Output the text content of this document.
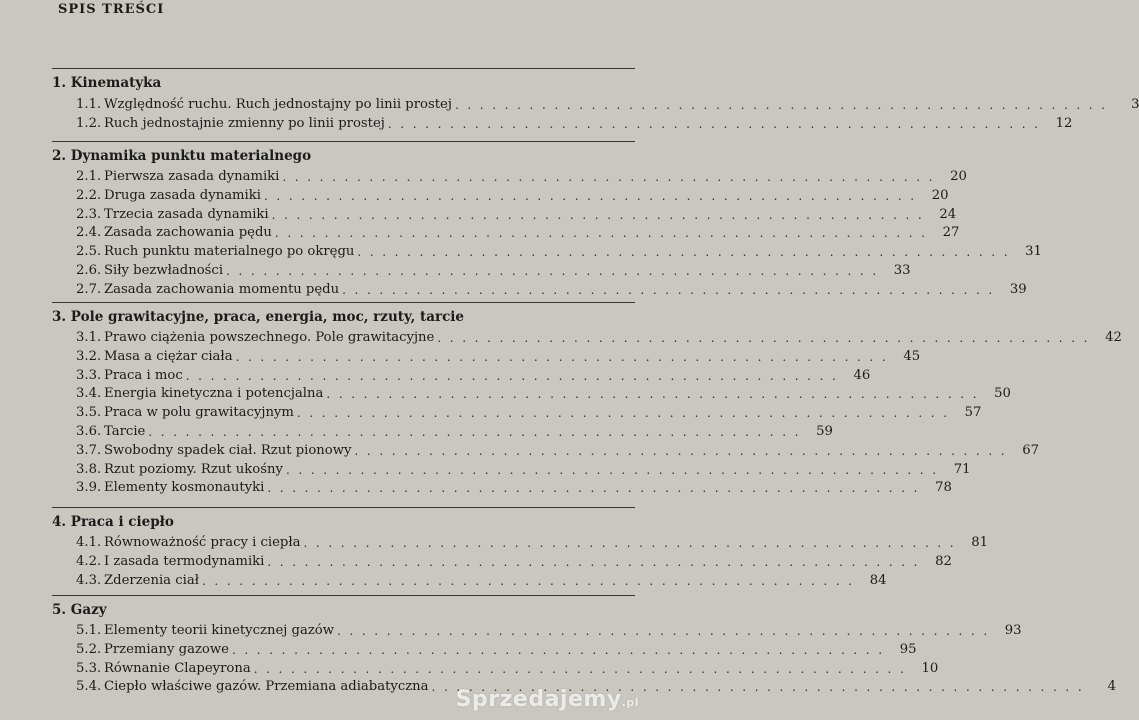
SPIS TREŚCI
1. Kinematyka
1.1. Względność ruchu. Ruch jednostajny po linii prostej . . . . . . . . . . . . . . . . . . . . . . . . . . . . . . . . . . . . . . . . . . . . . . . . . . . . .	3
1.2. Ruch jednostajnie zmienny po linii prostej . . . . . . . . . . . . . . . . . . . . . . . . . . . . . . . . . . . . . . . . . . . . . . . . . . . . .	12
2. Dynamika punktu materialnego
2.1. Pierwsza zasada dynamiki . . . . . . . . . . . . . . . . . . . . . . . . . . . . . . . . . . . . . . . . . . . . . . . . . . . . .	20
2.2. Druga zasada dynamiki . . . . . . . . . . . . . . . . . . . . . . . . . . . . . . . . . . . . . . . . . . . . . . . . . . . . .	20
2.3. Trzecia zasada dynamiki . . . . . . . . . . . . . . . . . . . . . . . . . . . . . . . . . . . . . . . . . . . . . . . . . . . . .	24
2.4. Zasada zachowania pędu . . . . . . . . . . . . . . . . . . . . . . . . . . . . . . . . . . . . . . . . . . . . . . . . . . . . .	27
2.5. Ruch punktu materialnego po okręgu . . . . . . . . . . . . . . . . . . . . . . . . . . . . . . . . . . . . . . . . . . . . . . . . . . . . .	31
2.6. Siły bezwładności . . . . . . . . . . . . . . . . . . . . . . . . . . . . . . . . . . . . . . . . . . . . . . . . . . . . .	33
2.7. Zasada zachowania momentu pędu . . . . . . . . . . . . . . . . . . . . . . . . . . . . . . . . . . . . . . . . . . . . . . . . . . . . .	39
3. Pole grawitacyjne, praca, energia, moc, rzuty, tarcie
3.1. Prawo ciążenia powszechnego. Pole grawitacyjne . . . . . . . . . . . . . . . . . . . . . . . . . . . . . . . . . . . . . . . . . . . . . . . . . . . . .	42
3.2. Masa a ciężar ciała . . . . . . . . . . . . . . . . . . . . . . . . . . . . . . . . . . . . . . . . . . . . . . . . . . . . .	45
3.3. Praca i moc . . . . . . . . . . . . . . . . . . . . . . . . . . . . . . . . . . . . . . . . . . . . . . . . . . . . .	46
3.4. Energia kinetyczna i potencjalna . . . . . . . . . . . . . . . . . . . . . . . . . . . . . . . . . . . . . . . . . . . . . . . . . . . . .	50
3.5. Praca w polu grawitacyjnym . . . . . . . . . . . . . . . . . . . . . . . . . . . . . . . . . . . . . . . . . . . . . . . . . . . . .	57
3.6. Tarcie . . . . . . . . . . . . . . . . . . . . . . . . . . . . . . . . . . . . . . . . . . . . . . . . . . . . .	59
3.7. Swobodny spadek ciał. Rzut pionowy . . . . . . . . . . . . . . . . . . . . . . . . . . . . . . . . . . . . . . . . . . . . . . . . . . . . .	67
3.8. Rzut poziomy. Rzut ukośny . . . . . . . . . . . . . . . . . . . . . . . . . . . . . . . . . . . . . . . . . . . . . . . . . . . . .	71
3.9. Elementy kosmonautyki . . . . . . . . . . . . . . . . . . . . . . . . . . . . . . . . . . . . . . . . . . . . . . . . . . . . .	78
4. Praca i ciepło
4.1. Równoważność pracy i ciepła . . . . . . . . . . . . . . . . . . . . . . . . . . . . . . . . . . . . . . . . . . . . . . . . . . . . .	81
4.2. I zasada termodynamiki . . . . . . . . . . . . . . . . . . . . . . . . . . . . . . . . . . . . . . . . . . . . . . . . . . . . .	82
4.3. Zderzenia ciał . . . . . . . . . . . . . . . . . . . . . . . . . . . . . . . . . . . . . . . . . . . . . . . . . . . . .	84
5. Gazy
5.1. Elementy teorii kinetycznej gazów . . . . . . . . . . . . . . . . . . . . . . . . . . . . . . . . . . . . . . . . . . . . . . . . . . . . .	93
5.2. Przemiany gazowe . . . . . . . . . . . . . . . . . . . . . . . . . . . . . . . . . . . . . . . . . . . . . . . . . . . . .	95
5.3. Równanie Clapeyrona . . . . . . . . . . . . . . . . . . . . . . . . . . . . . . . . . . . . . . . . . . . . . . . . . . . . .	10
5.4. Ciepło właściwe gazów. Przemiana adiabatyczna . . . . . . . . . . . . . . . . . . . . . . . . . . . . . . . . . . . . . . . . . . . . . . . . . . . . .	4
Sprzedajemy.pl
